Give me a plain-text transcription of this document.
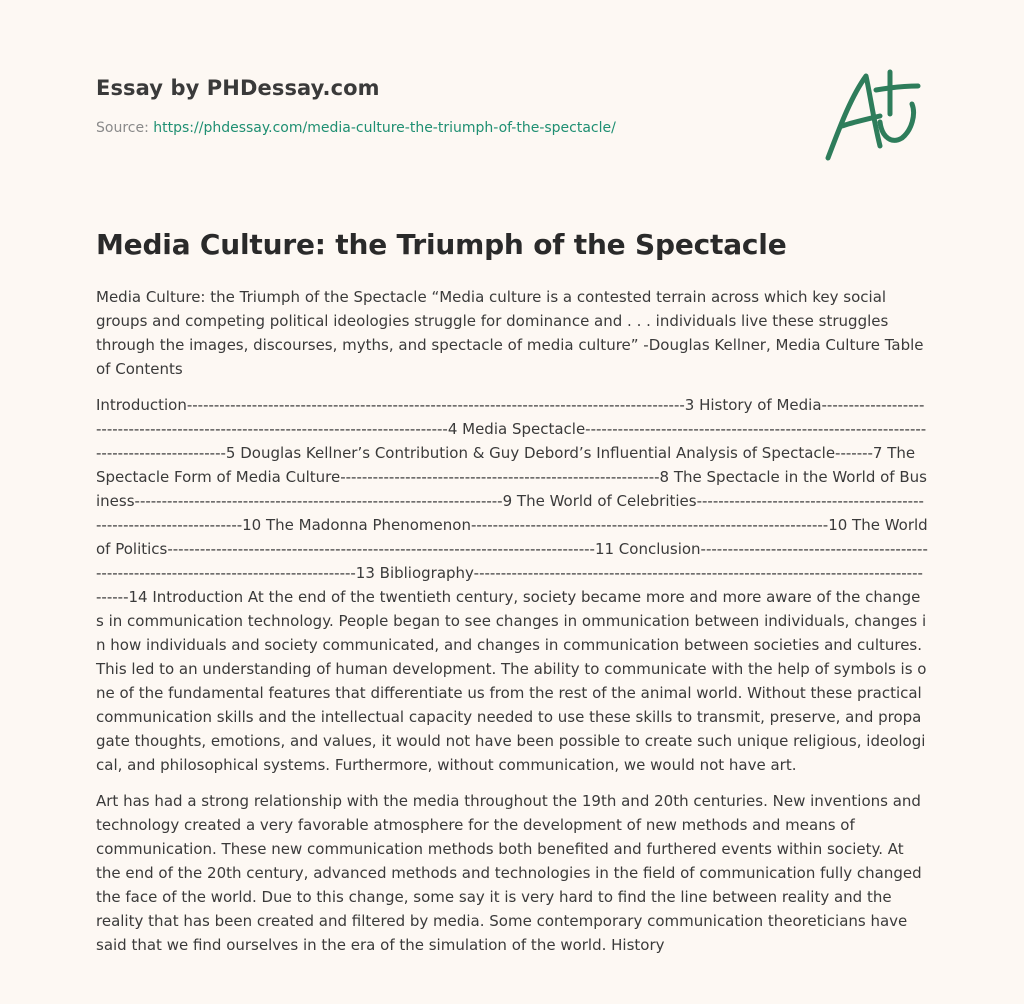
Essay by PHDessay.com
Source: https://phdessay.com/media-culture-the-triumph-of-the-spectacle/
Media Culture: the Triumph of the Spectacle

Media Culture: the Triumph of the Spectacle “Media culture is a contested terrain across which key social groups and competing political ideologies struggle for dominance and . . . individuals live these struggles through the images, discourses, myths, and spectacle of media culture” -Douglas Kellner, Media Culture Table of Contents

Introduction--------------------------------------------------------------------------------------------3 History of Media------------------------------------------------------------------------------------4 Media Spectacle---------------------------------------------------------------------------------------5 Douglas Kellner’s Contribution & Guy Debord’s Influential Analysis of Spectacle-------7 The Spectacle Form of Media Culture-----------------------------------------------------------8 The Spectacle in the World of Business--------------------------------------------------------------------9 The World of Celebrities---------------------------------------------------------------------10 The Madonna Phenomenon------------------------------------------------------------------10 The World of Politics-------------------------------------------------------------------------------11 Conclusion------------------------------------------------------------------------------------------13 Bibliography-----------------------------------------------------------------------------------------14 Introduction At the end of the twentieth century, society became more and more aware of the changes in communication technology. People began to see changes in ommunication between individuals, changes in how individuals and society communicated, and changes in communication between societies and cultures. This led to an understanding of human development. The ability to communicate with the help of symbols is one of the fundamental features that differentiate us from the rest of the animal world. Without these practical communication skills and the intellectual capacity needed to use these skills to transmit, preserve, and propagate thoughts, emotions, and values, it would not have been possible to create such unique religious, ideological, and philosophical systems. Furthermore, without communication, we would not have art.

Art has had a strong relationship with the media throughout the 19th and 20th centuries. New inventions and technology created a very favorable atmosphere for the development of new methods and means of communication. These new communication methods both benefited and furthered events within society. At the end of the 20th century, advanced methods and technologies in the field of communication fully changed the face of the world. Due to this change, some say it is very hard to find the line between reality and the reality that has been created and filtered by media. Some contemporary communication theoreticians have said that we find ourselves in the era of the simulation of the world. History
